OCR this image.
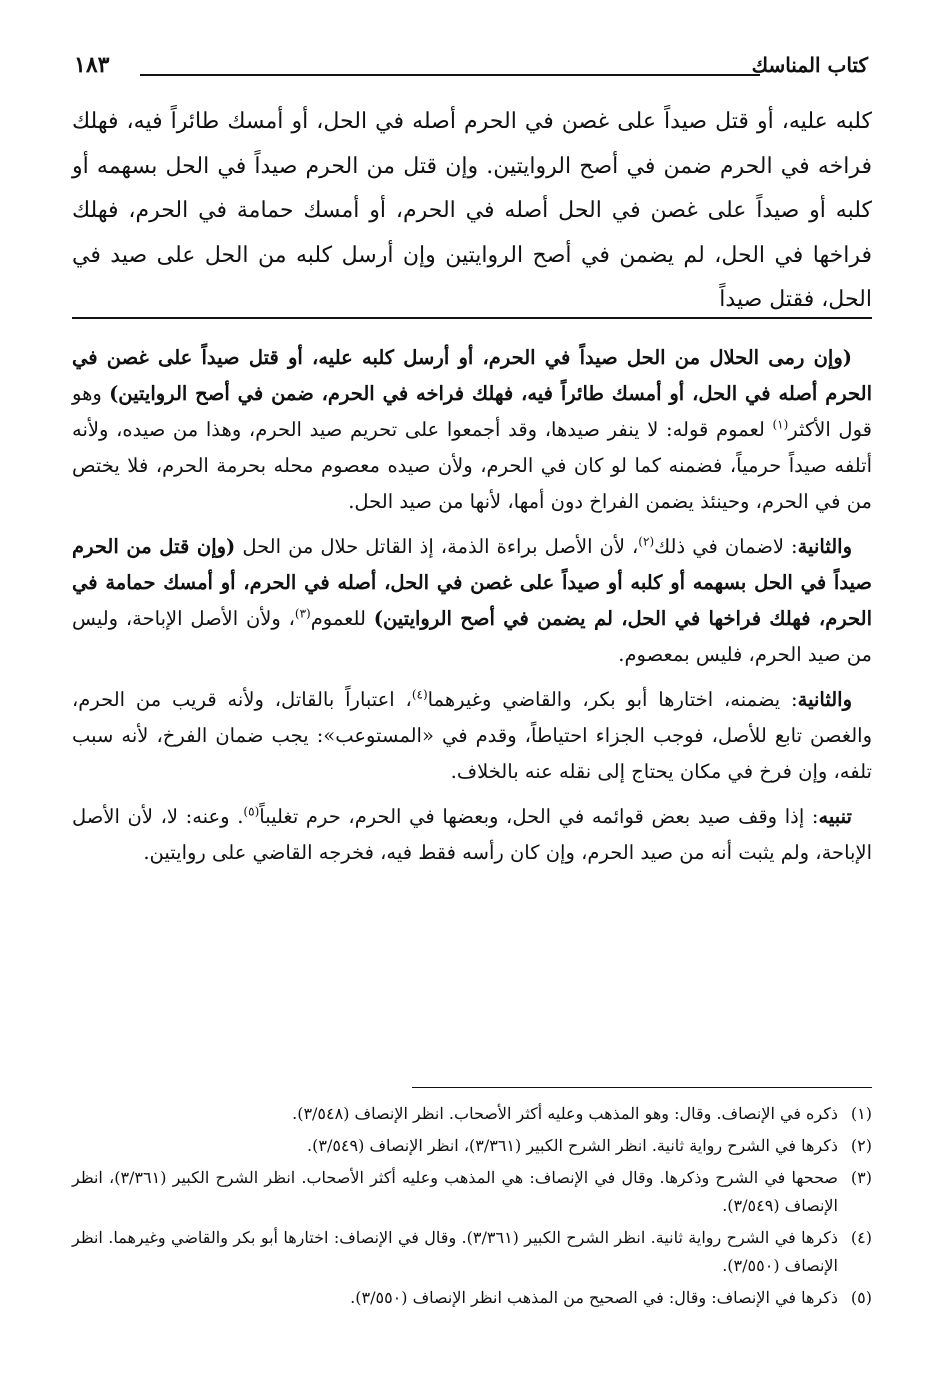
كتاب المناسك
١٨٣

كلبه عليه، أو قتل صيداً على غصن في الحرم أصله في الحل، أو أمسك طائراً فيه، فهلك فراخه في الحرم ضمن في أصح الروايتين. وإن قتل من الحرم صيداً في الحل بسهمه أو كلبه أو صيداً على غصن في الحل أصله في الحرم، أو أمسك حمامة في الحرم، فهلك فراخها في الحل، لم يضمن في أصح الروايتين وإن أرسل كلبه من الحل على صيد في الحل، فقتل صيداً

(وإن رمى الحلال من الحل صيداً في الحرم، أو أرسل كلبه عليه، أو قتل صيداً على غصن في الحرم أصله في الحل، أو أمسك طائراً فيه، فهلك فراخه في الحرم، ضمن في أصح الروايتين) وهو قول الأكثر$^{(١)}$ لعموم قوله: لا ينفر صيدها، وقد أجمعوا على تحريم صيد الحرم، وهذا من صيده، ولأنه أتلفه صيداً حرمياً، فضمنه كما لو كان في الحرم، ولأن صيده معصوم محله بحرمة الحرم، فلا يختص من في الحرم، وحينئذ يضمن الفراخ دون أمها، لأنها من صيد الحل.

والثانية: لاضمان في ذلك$^{(٢)}$، لأن الأصل براءة الذمة، إذ القاتل حلال من الحل (وإن قتل من الحرم صيداً في الحل بسهمه أو كلبه أو صيداً على غصن في الحل، أصله في الحرم، أو أمسك حمامة في الحرم، فهلك فراخها في الحل، لم يضمن في أصح الروايتين) للعموم$^{(٣)}$، ولأن الأصل الإباحة، وليس من صيد الحرم، فليس بمعصوم.

والثانية: يضمنه، اختارها أبو بكر، والقاضي وغيرهما$^{(٤)}$، اعتباراً بالقاتل، ولأنه قريب من الحرم، والغصن تابع للأصل، فوجب الجزاء احتياطاً، وقدم في «المستوعب»: يجب ضمان الفرخ، لأنه سبب تلفه، وإن فرخ في مكان يحتاج إلى نقله عنه بالخلاف.

تنبيه: إذا وقف صيد بعض قوائمه في الحل، وبعضها في الحرم، حرم تغليباً$^{(٥)}$. وعنه: لا، لأن الأصل الإباحة، ولم يثبت أنه من صيد الحرم، وإن كان رأسه فقط فيه، فخرجه القاضي على روايتين.

(١)
ذكره في الإنصاف. وقال: وهو المذهب وعليه أكثر الأصحاب. انظر الإنصاف (٣/٥٤٨).
(٢)
ذكرها في الشرح رواية ثانية. انظر الشرح الكبير (٣/٣٦١)، انظر الإنصاف (٣/٥٤٩).
(٣)
صححها في الشرح وذكرها. وقال في الإنصاف: هي المذهب وعليه أكثر الأصحاب. انظر الشرح الكبير (٣/٣٦١)، انظر الإنصاف (٣/٥٤٩).
(٤)
ذكرها في الشرح رواية ثانية. انظر الشرح الكبير (٣/٣٦١). وقال في الإنصاف: اختارها أبو بكر والقاضي وغيرهما. انظر الإنصاف (٣/٥٥٠).
(٥)
ذكرها في الإنصاف: وقال: في الصحيح من المذهب انظر الإنصاف (٣/٥٥٠).
